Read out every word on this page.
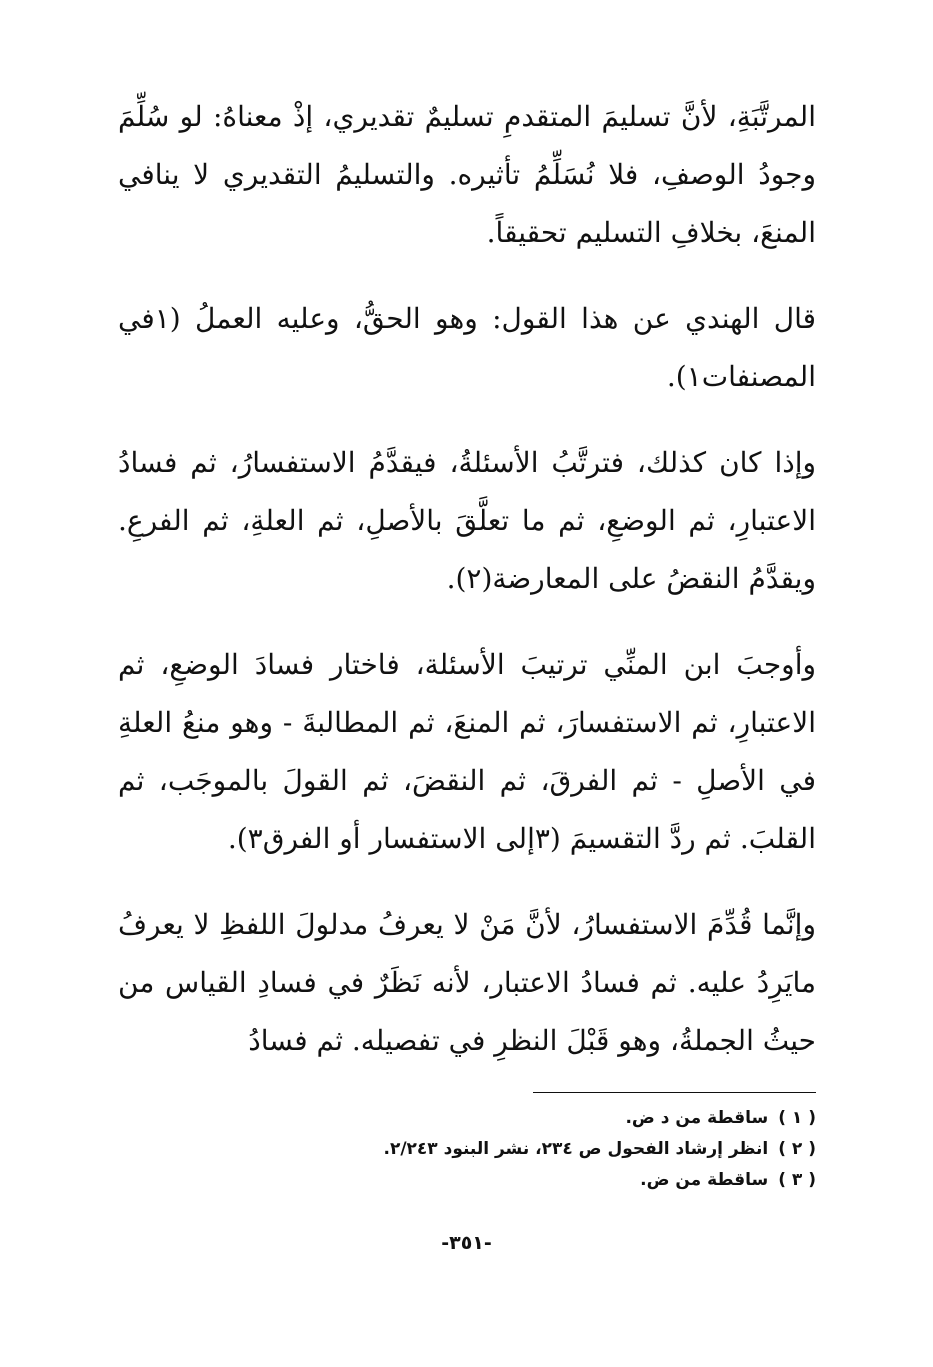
المرتَّبَةِ، لأنَّ تسليمَ المتقدمِ تسليمٌ تقديري، إذْ معناهُ: لو سُلِّمَ وجودُ الوصفِ، فلا نُسَلِّمُ تأثيره. والتسليمُ التقديري لا ينافي المنعَ، بخلافِ التسليم تحقيقاً.

قال الهندي عن هذا القول: وهو الحقُّ، وعليه العملُ (١في المصنفات١).

وإذا كان كذلك، فترتَّبُ الأسئلةُ، فيقدَّمُ الاستفسارُ، ثم فسادُ الاعتبارِ، ثم الوضعِ، ثم ما تعلَّقَ بالأصلِ، ثم العلةِ، ثم الفرعِ. ويقدَّمُ النقضُ على المعارضة(٢).

وأوجبَ ابن المنِّي ترتيبَ الأسئلة، فاختار فسادَ الوضعِ، ثم الاعتبارِ، ثم الاستفسارَ، ثم المنعَ، ثم المطالبةَ - وهو منعُ العلةِ في الأصلِ - ثم الفرقَ، ثم النقضَ، ثم القولَ بالموجَب، ثم القلبَ. ثم ردَّ التقسيمَ (٣إلى الاستفسار أو الفرق٣).

وإنَّما قُدِّمَ الاستفسارُ، لأنَّ مَنْ لا يعرفُ مدلولَ اللفظِ لا يعرفُ مايَرِدُ عليه. ثم فسادُ الاعتبار، لأنه نَظَرٌ في فسادِ القياس من حيثُ الجملةُ، وهو قَبْلَ النظرِ في تفصيله. ثم فسادُ

( ١ )ساقطة من د ض.
( ٢ )انظر إرشاد الفحول ص ٢٣٤، نشر البنود ٢/٢٤٣.
( ٣ )ساقطة من ض.
-٣٥١-
